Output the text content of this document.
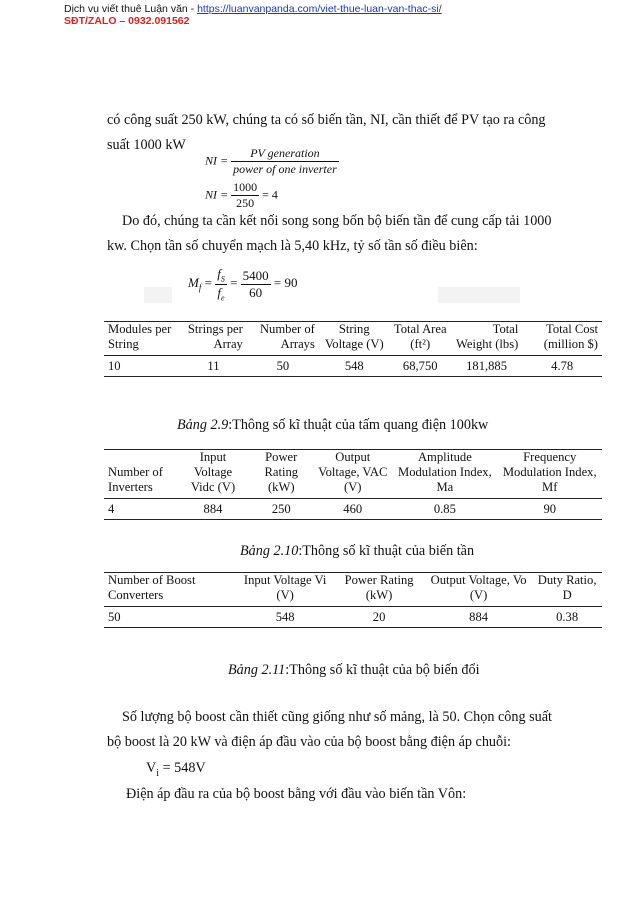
Dịch vụ viết thuê Luận văn - https://luanvanpanda.com/viet-thue-luan-van-thac-si/
SĐT/ZALO – 0932.091562
có công suất 250 kW, chúng ta có số biến tần, NI, cần thiết để PV tạo ra công
suất 1000 kW
NI = $\frac{\text{PV generation}}{\text{power of one inverter}}$
NI = $\frac{1000}{250} = 4$
Do đó, chúng ta cần kết nối song song bốn bộ biến tần để cung cấp tải 1000
kw. Chọn tần số chuyển mạch là 5,40 kHz, tỷ số tần số điều biên:
$M_f = \frac{f_S}{f_e} = \frac{5400}{60} = 90$
Modules per String	Strings per Array	Number of Arrays	String Voltage (V)	Total Area (ft²)	Total Weight (lbs)	Total Cost (million $)
10	11	50	548	68,750	181,885	4.78
Bảng 2.9:Thông số kĩ thuật của tấm quang điện 100kw
Number of Inverters	Input Voltage Vidc (V)	Power Rating (kW)	Output Voltage, VAC (V)	Amplitude Modulation Index, Ma	Frequency Modulation Index, Mf
4	884	250	460	0.85	90
Bảng 2.10:Thông số kĩ thuật của biến tần
Number of Boost Converters	Input Voltage Vi (V)	Power Rating (kW)	Output Voltage, Vo (V)	Duty Ratio, D
50	548	20	884	0.38
Bảng 2.11:Thông số kĩ thuật của bộ biến đổi
Số lượng bộ boost cần thiết cũng giống như số mảng, là 50. Chọn công suất
bộ boost là 20 kW và điện áp đầu vào của bộ boost bằng điện áp chuỗi:
$V_i = 548V$
Điện áp đầu ra của bộ boost bằng với đầu vào biến tần Vôn:
